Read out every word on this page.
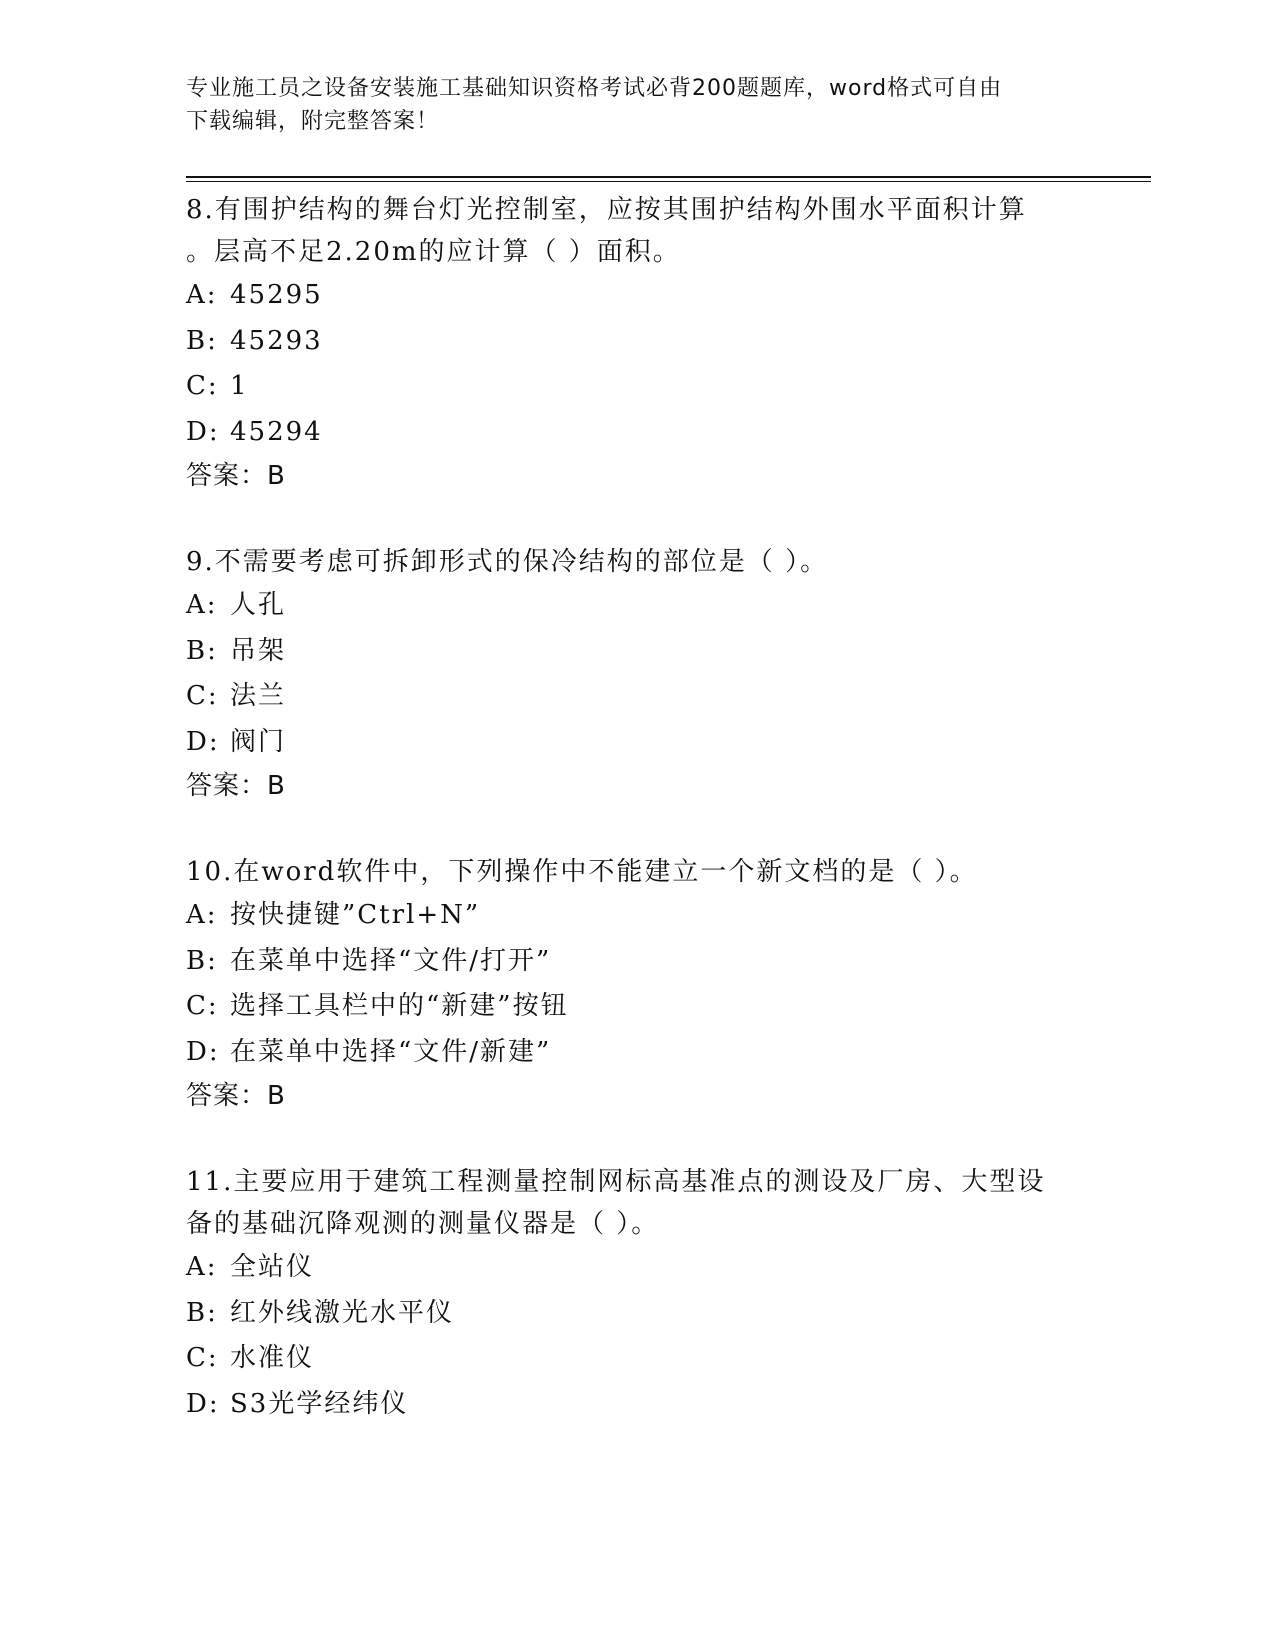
专业施工员之设备安装施工基础知识资格考试必背200题题库，word格式可自由
下载编辑，附完整答案！
8.有围护结构的舞台灯光控制室，应按其围护结构外围水平面积计算
。层高不足2.20m的应计算（ ）面积。
A: 45295
B: 45293
C: 1
D: 45294
答案：B
9.不需要考虑可拆卸形式的保冷结构的部位是（ ）。
A: 人孔
B: 吊架
C: 法兰
D: 阀门
答案：B
10.在word软件中，下列操作中不能建立一个新文档的是（ ）。
A: 按快捷键”Ctrl+N”
B: 在菜单中选择“文件/打开”
C: 选择工具栏中的“新建”按钮
D: 在菜单中选择“文件/新建”
答案：B
11.主要应用于建筑工程测量控制网标高基准点的测设及厂房、大型设
备的基础沉降观测的测量仪器是（ ）。
A: 全站仪
B: 红外线激光水平仪
C: 水准仪
D: S3光学经纬仪
